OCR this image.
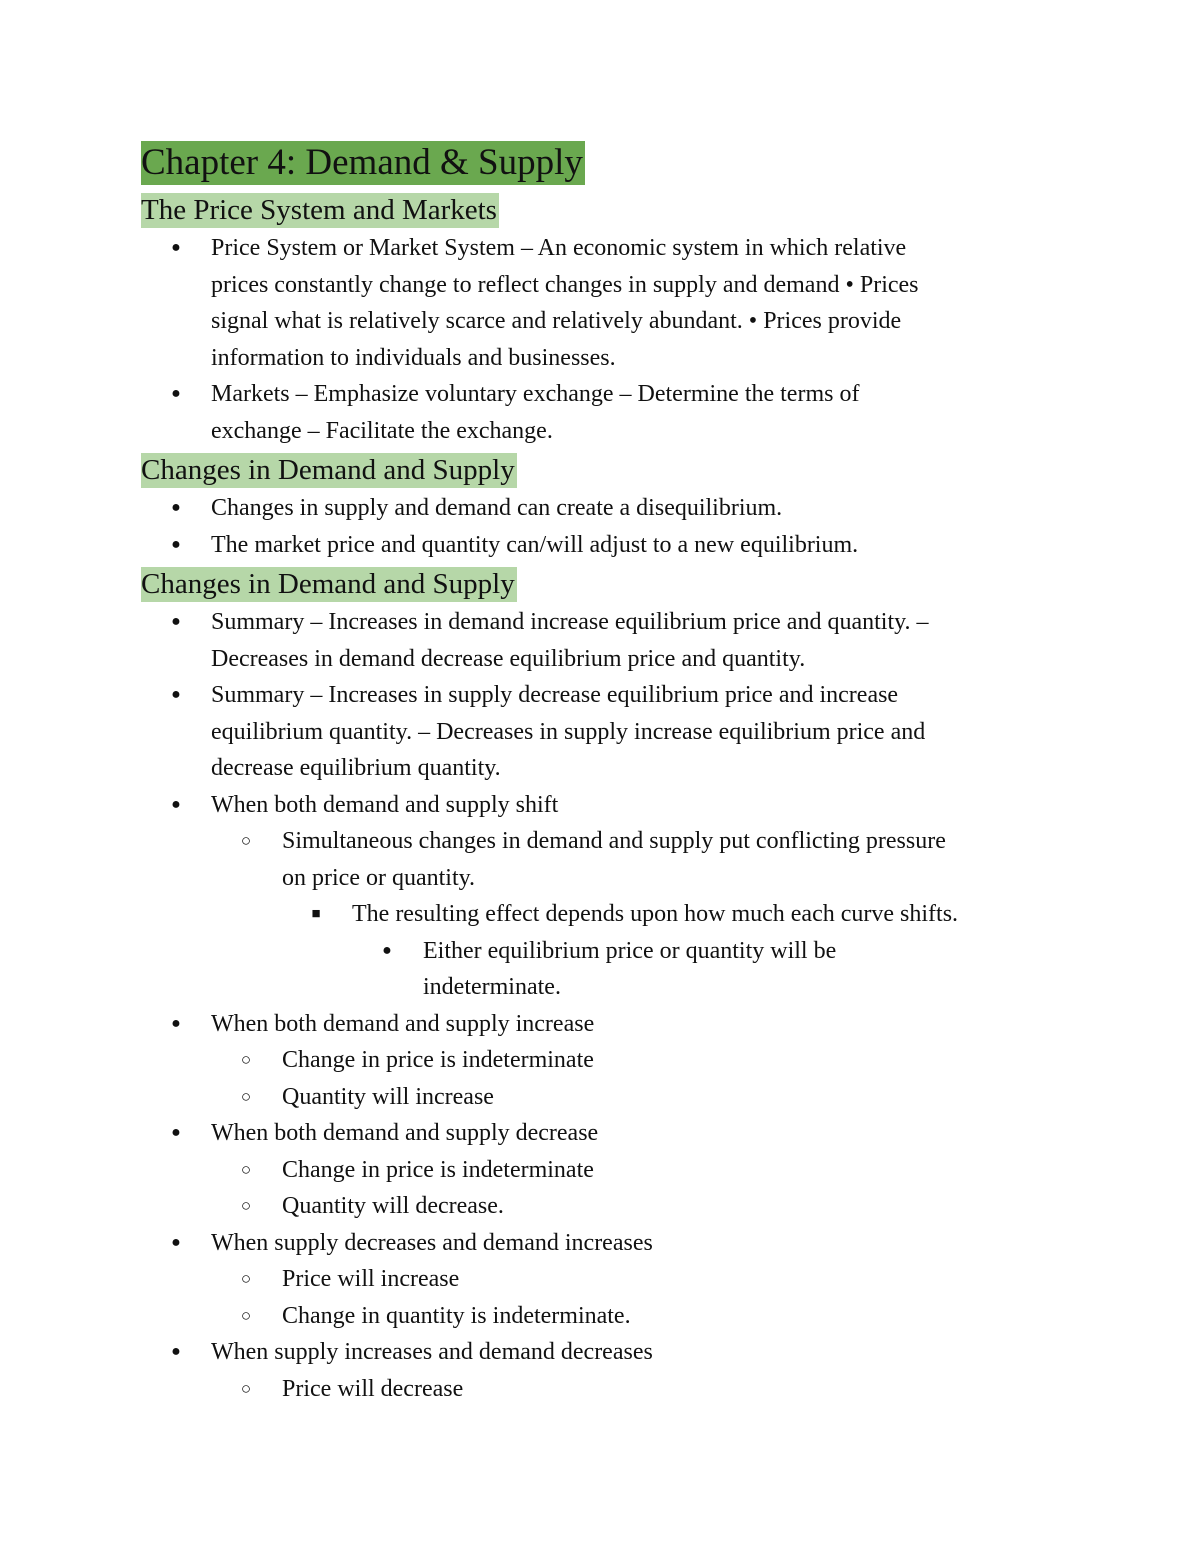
Chapter 4: Demand & Supply
The Price System and Markets
● Price System or Market System – An economic system in which relative
prices constantly change to reflect changes in supply and demand • Prices
signal what is relatively scarce and relatively abundant. • Prices provide
information to individuals and businesses.
● Markets – Emphasize voluntary exchange – Determine the terms of
exchange – Facilitate the exchange.
Changes in Demand and Supply
● Changes in supply and demand can create a disequilibrium.
● The market price and quantity can/will adjust to a new equilibrium.
Changes in Demand and Supply
● Summary – Increases in demand increase equilibrium price and quantity. –
Decreases in demand decrease equilibrium price and quantity.
● Summary – Increases in supply decrease equilibrium price and increase
equilibrium quantity. – Decreases in supply increase equilibrium price and
decrease equilibrium quantity.
● When both demand and supply shift
○ Simultaneous changes in demand and supply put conflicting pressure
on price or quantity.
■ The resulting effect depends upon how much each curve shifts.
● Either equilibrium price or quantity will be
indeterminate.
● When both demand and supply increase
○ Change in price is indeterminate
○ Quantity will increase
● When both demand and supply decrease
○ Change in price is indeterminate
○ Quantity will decrease.
● When supply decreases and demand increases
○ Price will increase
○ Change in quantity is indeterminate.
● When supply increases and demand decreases
○ Price will decrease
